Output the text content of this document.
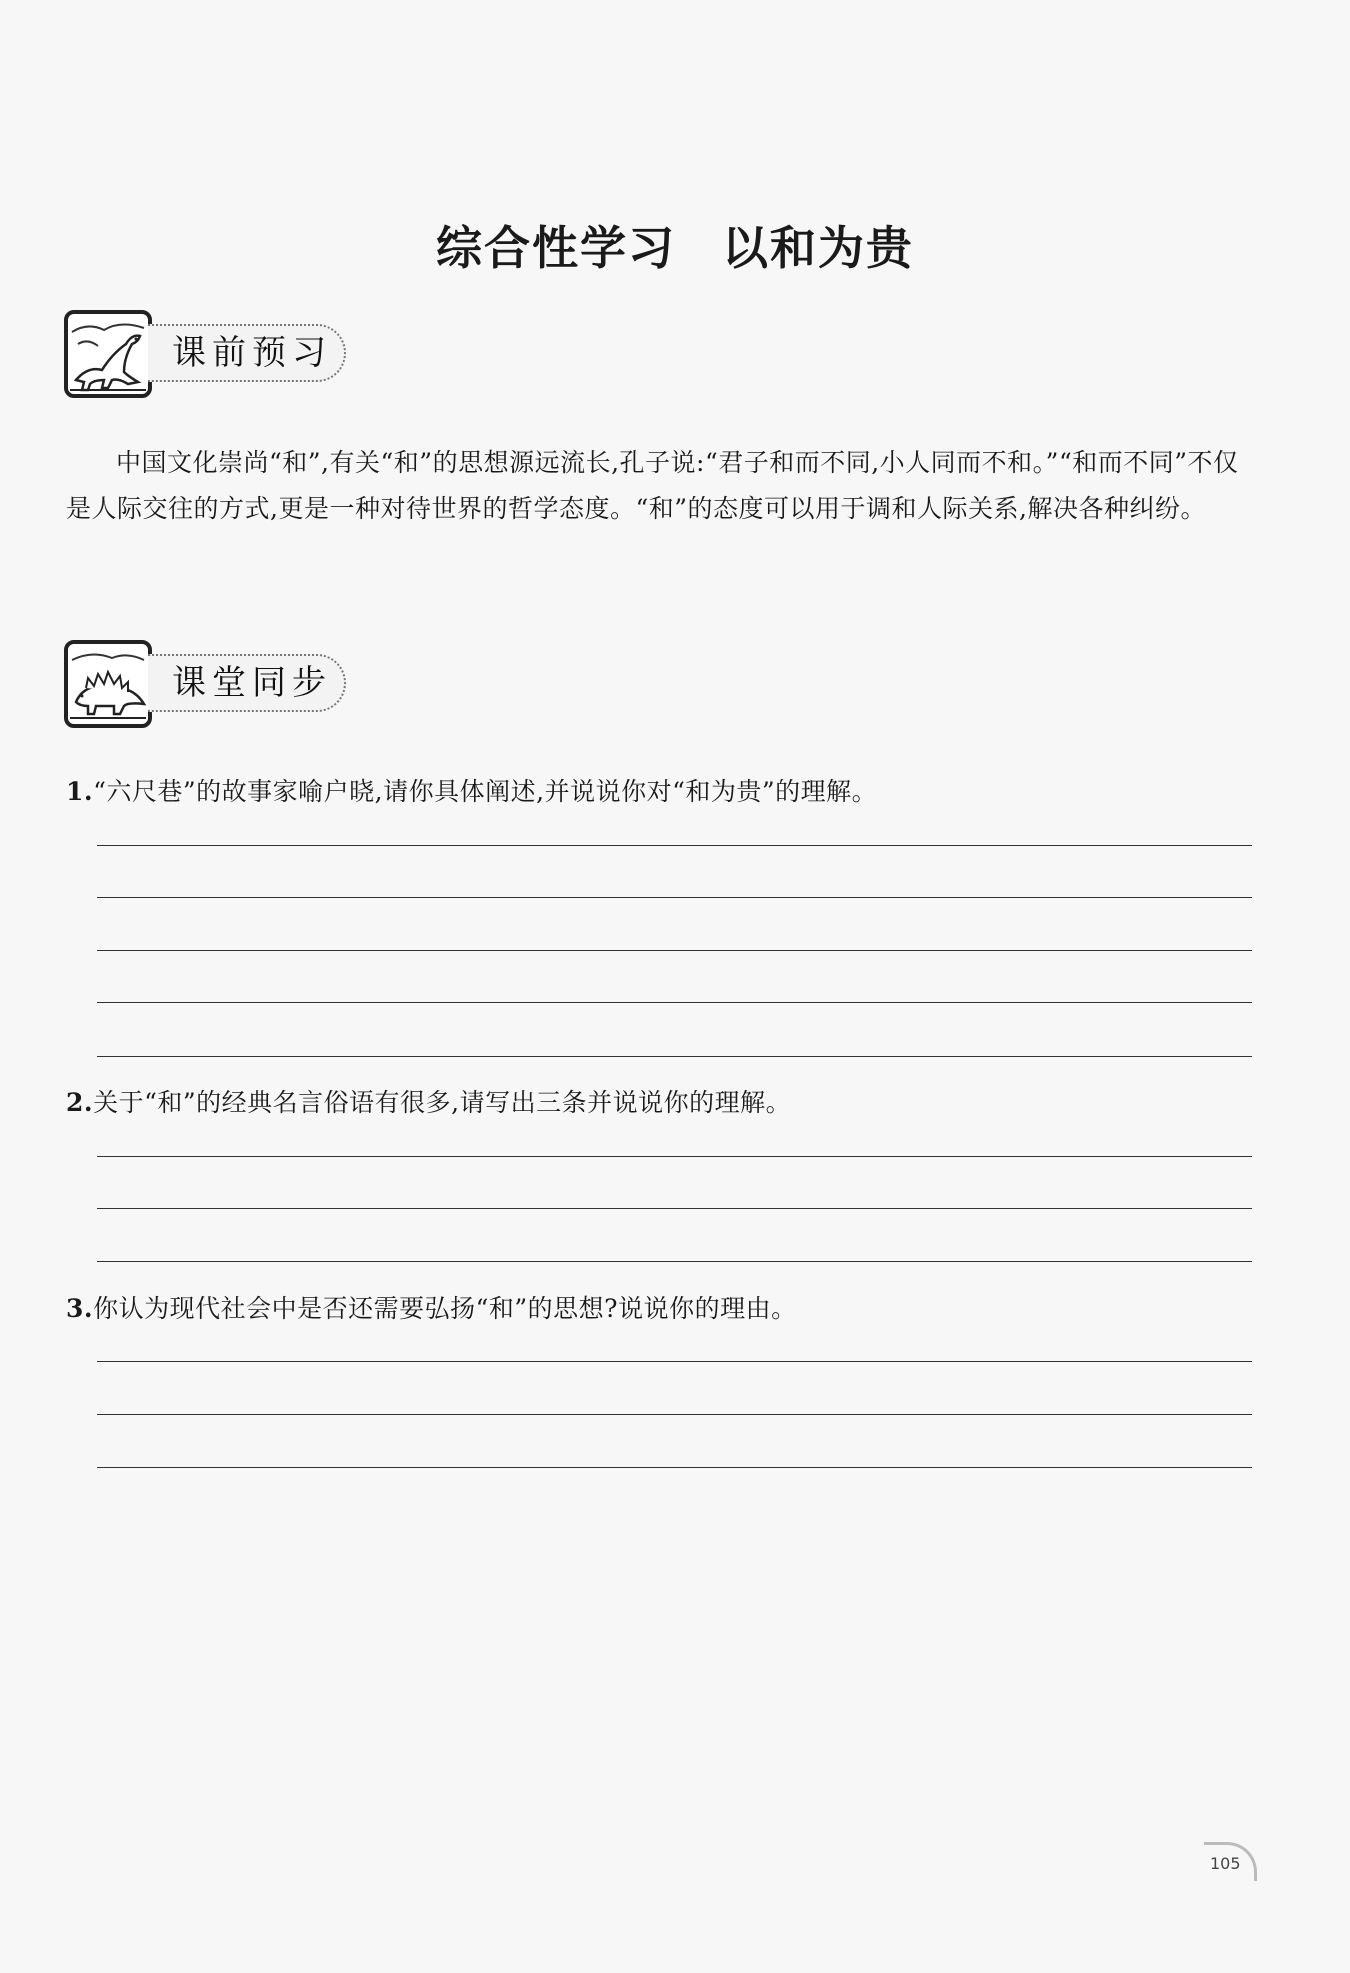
综合性学习 以和为贵
课前预习
中国文化崇尚“和”,有关“和”的思想源远流长,孔子说:“君子和而不同,小人同而不和。”“和而不同”不仅是人际交往的方式,更是一种对待世界的哲学态度。“和”的态度可以用于调和人际关系,解决各种纠纷。
课堂同步
1.“六尺巷”的故事家喻户晓,请你具体阐述,并说说你对“和为贵”的理解。
2.关于“和”的经典名言俗语有很多,请写出三条并说说你的理解。
3.你认为现代社会中是否还需要弘扬“和”的思想?说说你的理由。
105
